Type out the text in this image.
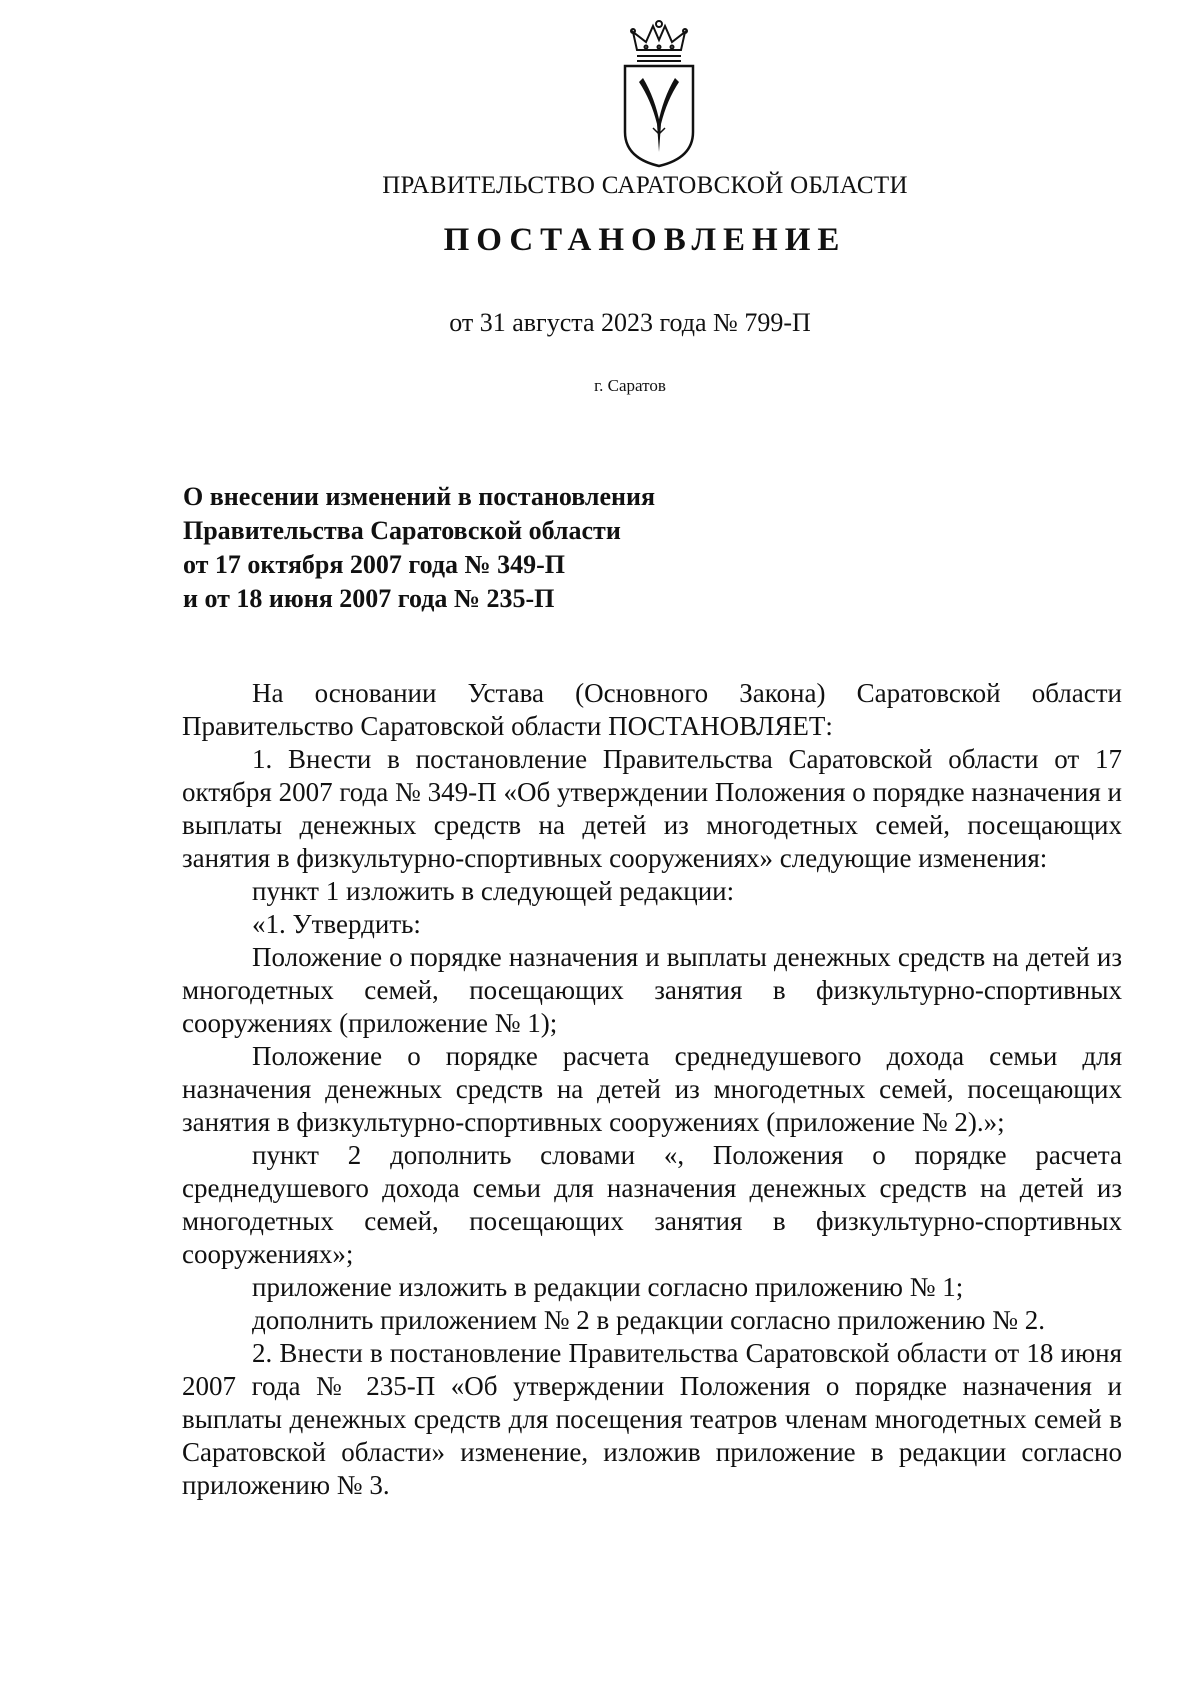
ПРАВИТЕЛЬСТВО САРАТОВСКОЙ ОБЛАСТИ
ПОСТАНОВЛЕНИЕ
от 31 августа 2023 года № 799-П
г. Саратов
О внесении изменений в постановления
Правительства Саратовской области
от 17 октября 2007 года № 349-П
и от 18 июня 2007 года № 235-П

На основании Устава (Основного Закона) Саратовской области Правительство Саратовской области ПОСТАНОВЛЯЕТ:

1. Внести в постановление Правительства Саратовской области от 17 октября 2007 года № 349-П «Об утверждении Положения о порядке назначения и выплаты денежных средств на детей из многодетных семей, посещающих занятия в физкультурно-спортивных сооружениях» следующие изменения:

пункт 1 изложить в следующей редакции:

«1. Утвердить:

Положение о порядке назначения и выплаты денежных средств на детей из многодетных семей, посещающих занятия в физкультурно-спортивных сооружениях (приложение № 1);

Положение о порядке расчета среднедушевого дохода семьи для назначения денежных средств на детей из многодетных семей, посещающих занятия в физкультурно-спортивных сооружениях (приложение № 2).»;

пункт 2 дополнить словами «, Положения о порядке расчета среднедушевого дохода семьи для назначения денежных средств на детей из многодетных семей, посещающих занятия в физкультурно-спортивных сооружениях»;

приложение изложить в редакции согласно приложению № 1;

дополнить приложением № 2 в редакции согласно приложению № 2.

2. Внести в постановление Правительства Саратовской области от 18 июня 2007 года № 235-П «Об утверждении Положения о порядке назначения и выплаты денежных средств для посещения театров членам многодетных семей в Саратовской области» изменение, изложив приложение в редакции согласно приложению № 3.
